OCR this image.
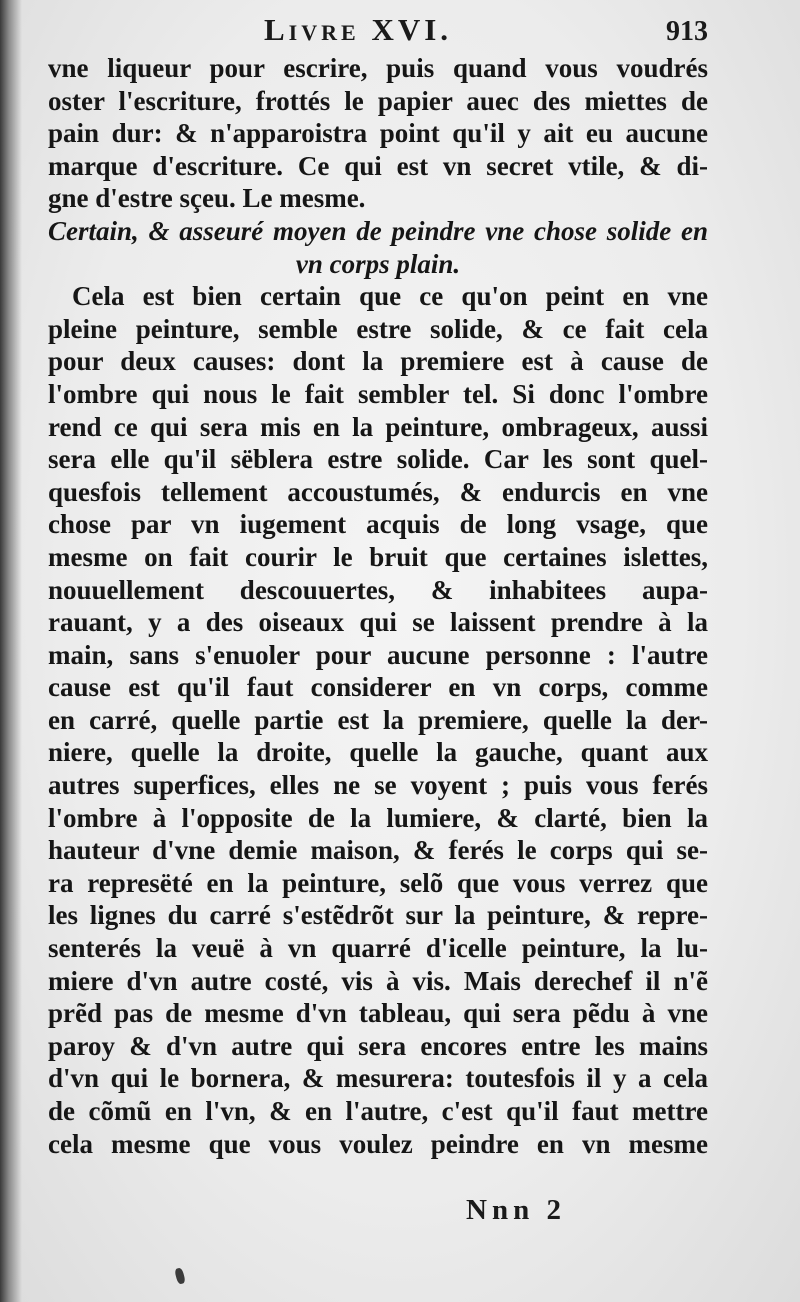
Livre XVI.	913
vne liqueur pour escrire, puis quand vous voudrés
oster l'escriture, frottés le papier auec des miettes de
pain dur: & n'apparoistra point qu'il y ait eu aucune
marque d'escriture. Ce qui est vn secret vtile, & di-
gne d'estre sçeu. Le mesme.
Certain, & asseuré moyen de peindre vne chose solide en
vn corps plain.
Cela est bien certain que ce qu'on peint en vne
pleine peinture, semble estre solide, & ce fait cela
pour deux causes: dont la premiere est à cause de
l'ombre qui nous le fait sembler tel. Si donc l'ombre
rend ce qui sera mis en la peinture, ombrageux, aussi
sera elle qu'il sëblera estre solide. Car les sont quel-
quesfois tellement accoustumés, & endurcis en vne
chose par vn iugement acquis de long vsage, que
mesme on fait courir le bruit que certaines islettes,
nouuellement descouuertes, & inhabitees aupa-
rauant, y a des oiseaux qui se laissent prendre à la
main, sans s'enuoler pour aucune personne : l'autre
cause est qu'il faut considerer en vn corps, comme
en carré, quelle partie est la premiere, quelle la der-
niere, quelle la droite, quelle la gauche, quant aux
autres superfices, elles ne se voyent ; puis vous ferés
l'ombre à l'opposite de la lumiere, & clarté, bien la
hauteur d'vne demie maison, & ferés le corps qui se-
ra represëté en la peinture, selõ que vous verrez que
les lignes du carré s'estẽdrõt sur la peinture, & repre-
senterés la veuë à vn quarré d'icelle peinture, la lu-
miere d'vn autre costé, vis à vis. Mais derechef il n'ẽ
prẽd pas de mesme d'vn tableau, qui sera pẽdu à vne
paroy & d'vn autre qui sera encores entre les mains
d'vn qui le bornera, & mesurera: toutesfois il y a cela
de cõmũ en l'vn, & en l'autre, c'est qu'il faut mettre
cela mesme que vous voulez peindre en vn mesme
Nnn 2
